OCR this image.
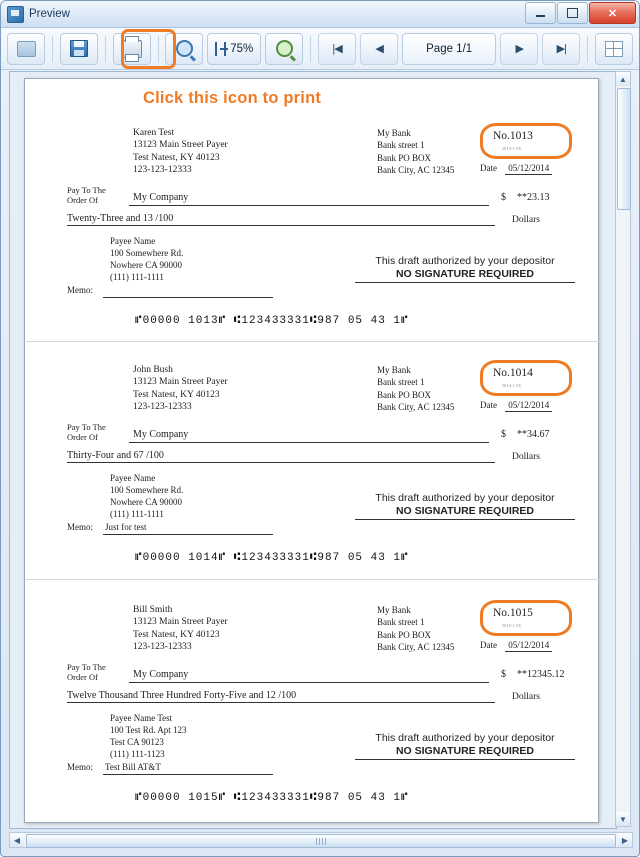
Preview	✕
75%	|◀	◀	Page 1/1	▶	▶|
Click this icon to print
No.1013
1013-1 05
Karen Test
13123 Main Street Payer
Test Natest, KY 40123
123-123-12333
My Bank
Bank street 1
Bank PO BOX
Bank City, AC 12345	Date 05/12/2014
Pay To The
Order Of	My Company	$ **23.13
Twenty-Three and 13 /100	Dollars
Payee Name
100 Somewhere Rd.
Nowhere CA 90000
(111) 111-1111
This draft authorized by your depositor
NO SIGNATURE REQUIRED
Memo:
⑈00000 1013⑈ ⑆123433331⑆987 05 43 1⑈
No.1014
1014-1 05
John Bush
13123 Main Street Payer
Test Natest, KY 40123
123-123-12333
My Bank
Bank street 1
Bank PO BOX
Bank City, AC 12345	Date 05/12/2014
Pay To The
Order Of	My Company	$ **34.67
Thirty-Four and 67 /100	Dollars
Payee Name
100 Somewhere Rd.
Nowhere CA 90000
(111) 111-1111
This draft authorized by your depositor
NO SIGNATURE REQUIRED
Memo: Just for test
⑈00000 1014⑈ ⑆123433331⑆987 05 43 1⑈
No.1015
1015-1 05
Bill Smith
13123 Main Street Payer
Test Natest, KY 40123
123-123-12333
My Bank
Bank street 1
Bank PO BOX
Bank City, AC 12345	Date 05/12/2014
Pay To The
Order Of	My Company	$ **12345.12
Twelve Thousand Three Hundred Forty-Five and 12 /100	Dollars
Payee Name Test
100 Test Rd. Apt 123
Test CA 90123
(111) 111-1123
This draft authorized by your depositor
NO SIGNATURE REQUIRED
Memo: Test Bill AT&T
⑈00000 1015⑈ ⑆123433331⑆987 05 43 1⑈
▲
▼
◀	▶
